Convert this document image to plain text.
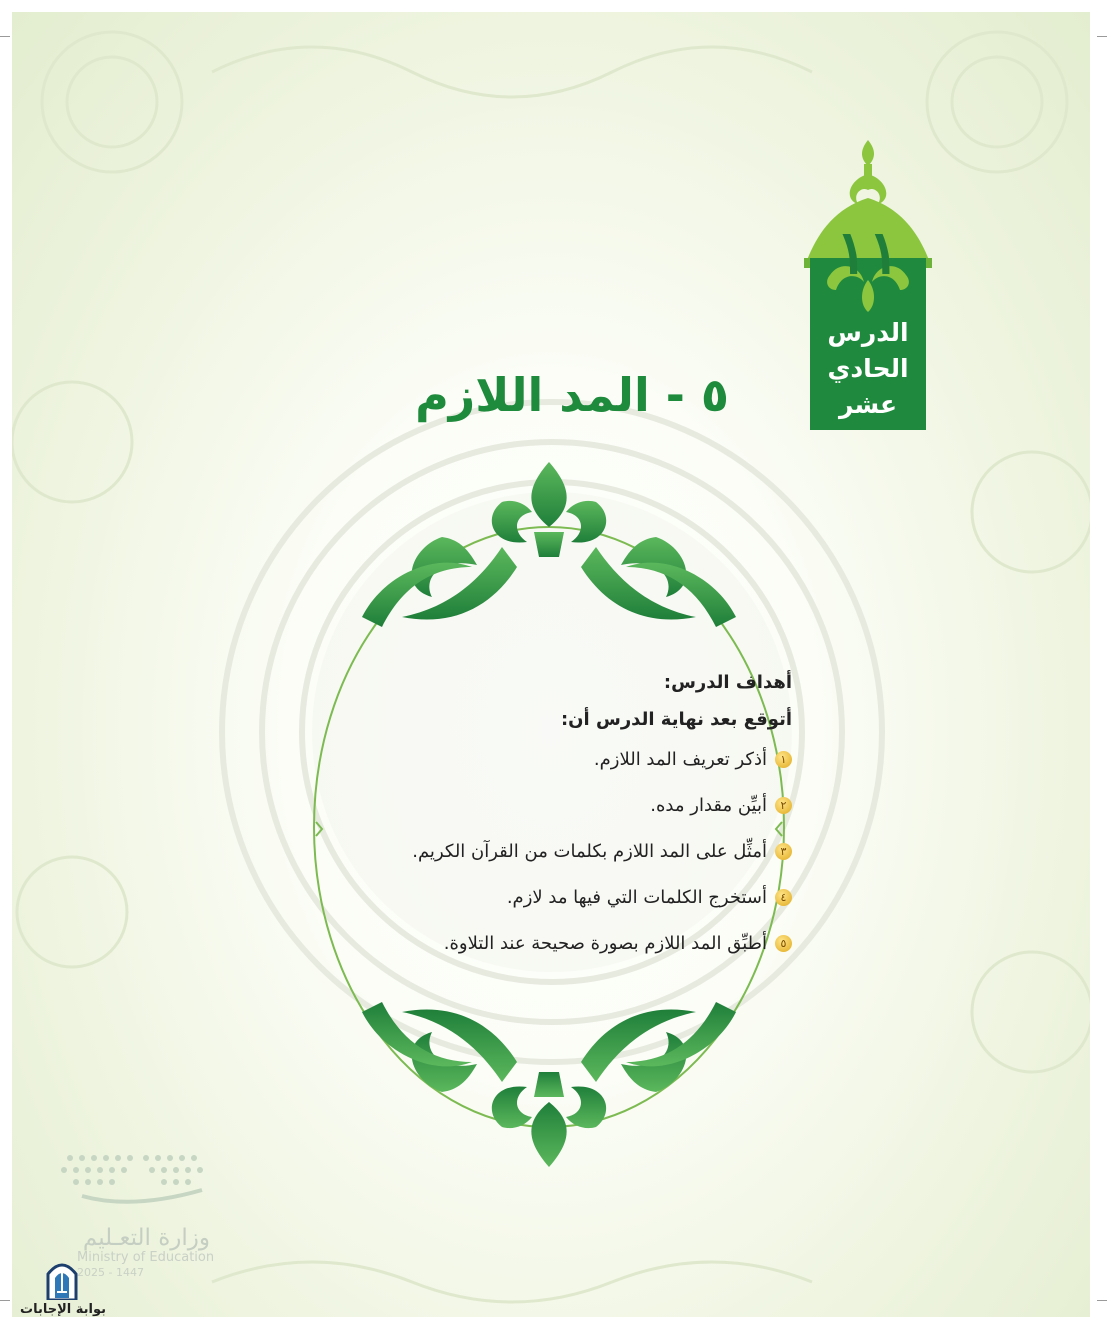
١١
الدرس
الحادي
عشر
٥ - المد اللازم
أهداف الدرس:
أتوقع بعد نهاية الدرس أن:
١
أذكر تعريف المد اللازم.
٢
أبيِّن مقدار مده.
٣
أمثِّل على المد اللازم بكلمات من القرآن الكريم.
٤
أستخرج الكلمات التي فيها مد لازم.
٥
أطبِّق المد اللازم بصورة صحيحة عند التلاوة.
وزارة التعـليم
Ministry of Education
2025 - 1447
بوابة الإجابات
